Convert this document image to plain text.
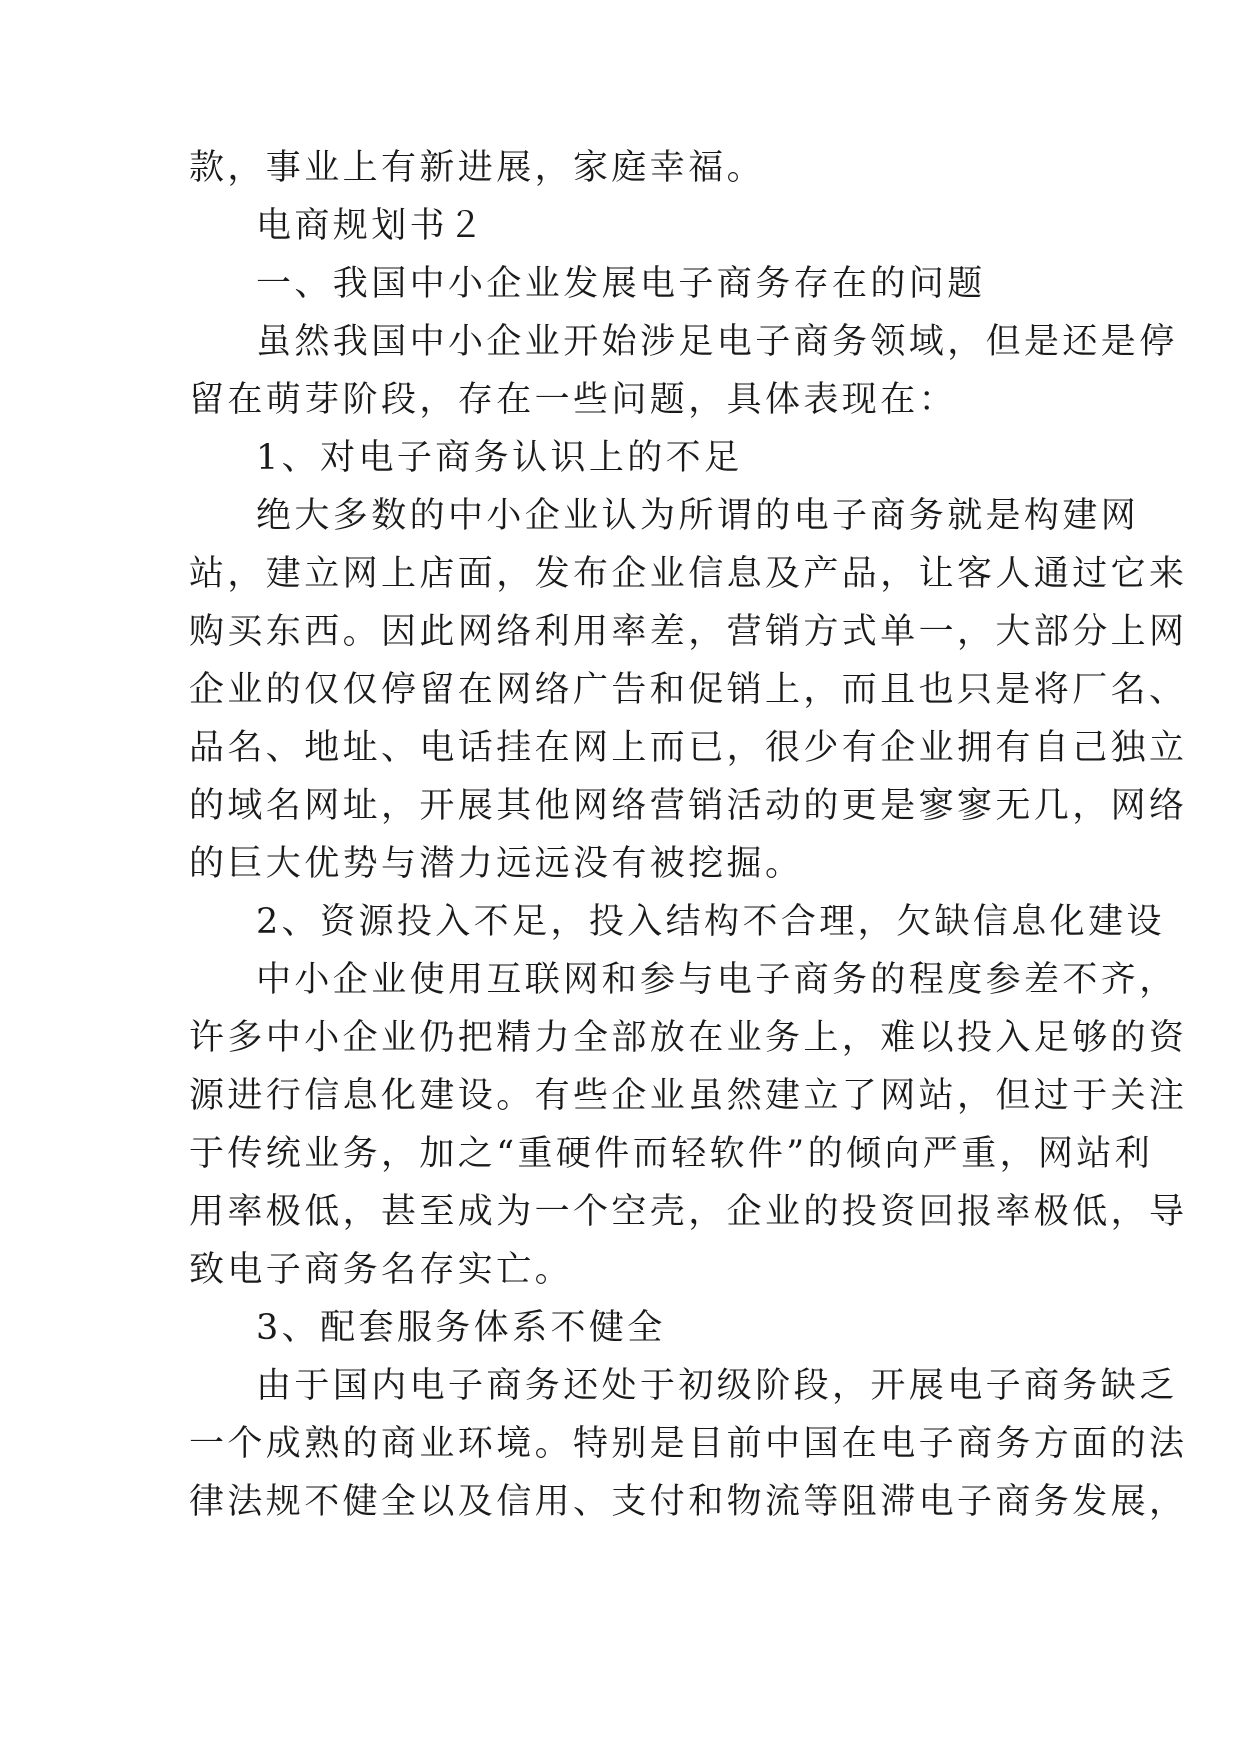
款，事业上有新进展，家庭幸福。
电商规划书２
一、我国中小企业发展电子商务存在的问题
虽然我国中小企业开始涉足电子商务领域，但是还是停
留在萌芽阶段，存在一些问题，具体表现在：
1、对电子商务认识上的不足
绝大多数的中小企业认为所谓的电子商务就是构建网
站，建立网上店面，发布企业信息及产品，让客人通过它来
购买东西。因此网络利用率差，营销方式单一，大部分上网
企业的仅仅停留在网络广告和促销上，而且也只是将厂名、
品名、地址、电话挂在网上而已，很少有企业拥有自己独立
的域名网址，开展其他网络营销活动的更是寥寥无几，网络
的巨大优势与潜力远远没有被挖掘。
2、资源投入不足，投入结构不合理，欠缺信息化建设
中小企业使用互联网和参与电子商务的程度参差不齐，
许多中小企业仍把精力全部放在业务上，难以投入足够的资
源进行信息化建设。有些企业虽然建立了网站，但过于关注
于传统业务，加之“重硬件而轻软件”的倾向严重，网站利
用率极低，甚至成为一个空壳，企业的投资回报率极低，导
致电子商务名存实亡。
3、配套服务体系不健全
由于国内电子商务还处于初级阶段，开展电子商务缺乏
一个成熟的商业环境。特别是目前中国在电子商务方面的法
律法规不健全以及信用、支付和物流等阻滞电子商务发展，
